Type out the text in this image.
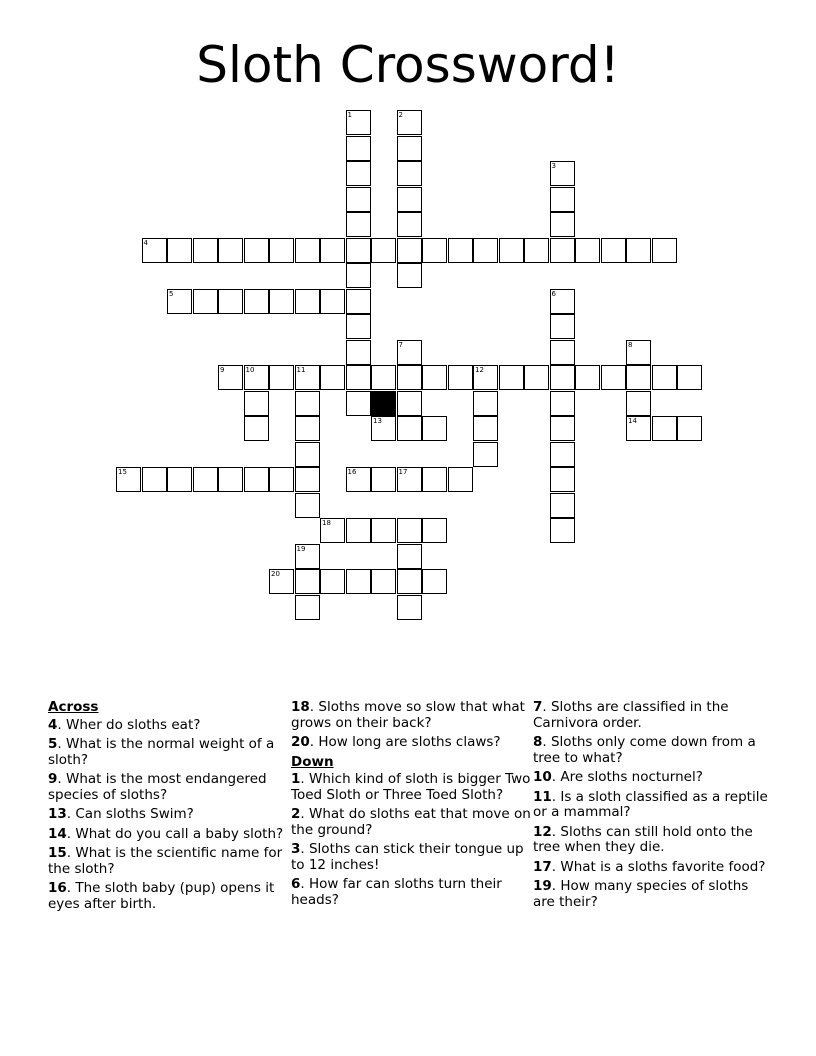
Sloth Crossword!
1	2
3
4
5	6
7	8
9	10	11	12
13	14
15	16	17
18
19
20
Across
4. Wher do sloths eat?
5. What is the normal weight of a sloth?
9. What is the most endangered species of sloths?
13. Can sloths Swim?
14. What do you call a baby sloth?
15. What is the scientific name for the sloth?
16. The sloth baby (pup) opens it eyes after birth.
18. Sloths move so slow that what grows on their back?
20. How long are sloths claws?
Down
1. Which kind of sloth is bigger Two Toed Sloth or Three Toed Sloth?
2. What do sloths eat that move on the ground?
3. Sloths can stick their tongue up to 12 inches!
6. How far can sloths turn their heads?
7. Sloths are classified in the Carnivora order.
8. Sloths only come down from a tree to what?
10. Are sloths nocturnel?
11. Is a sloth classified as a reptile or a mammal?
12. Sloths can still hold onto the tree when they die.
17. What is a sloths favorite food?
19. How many species of sloths are their?
